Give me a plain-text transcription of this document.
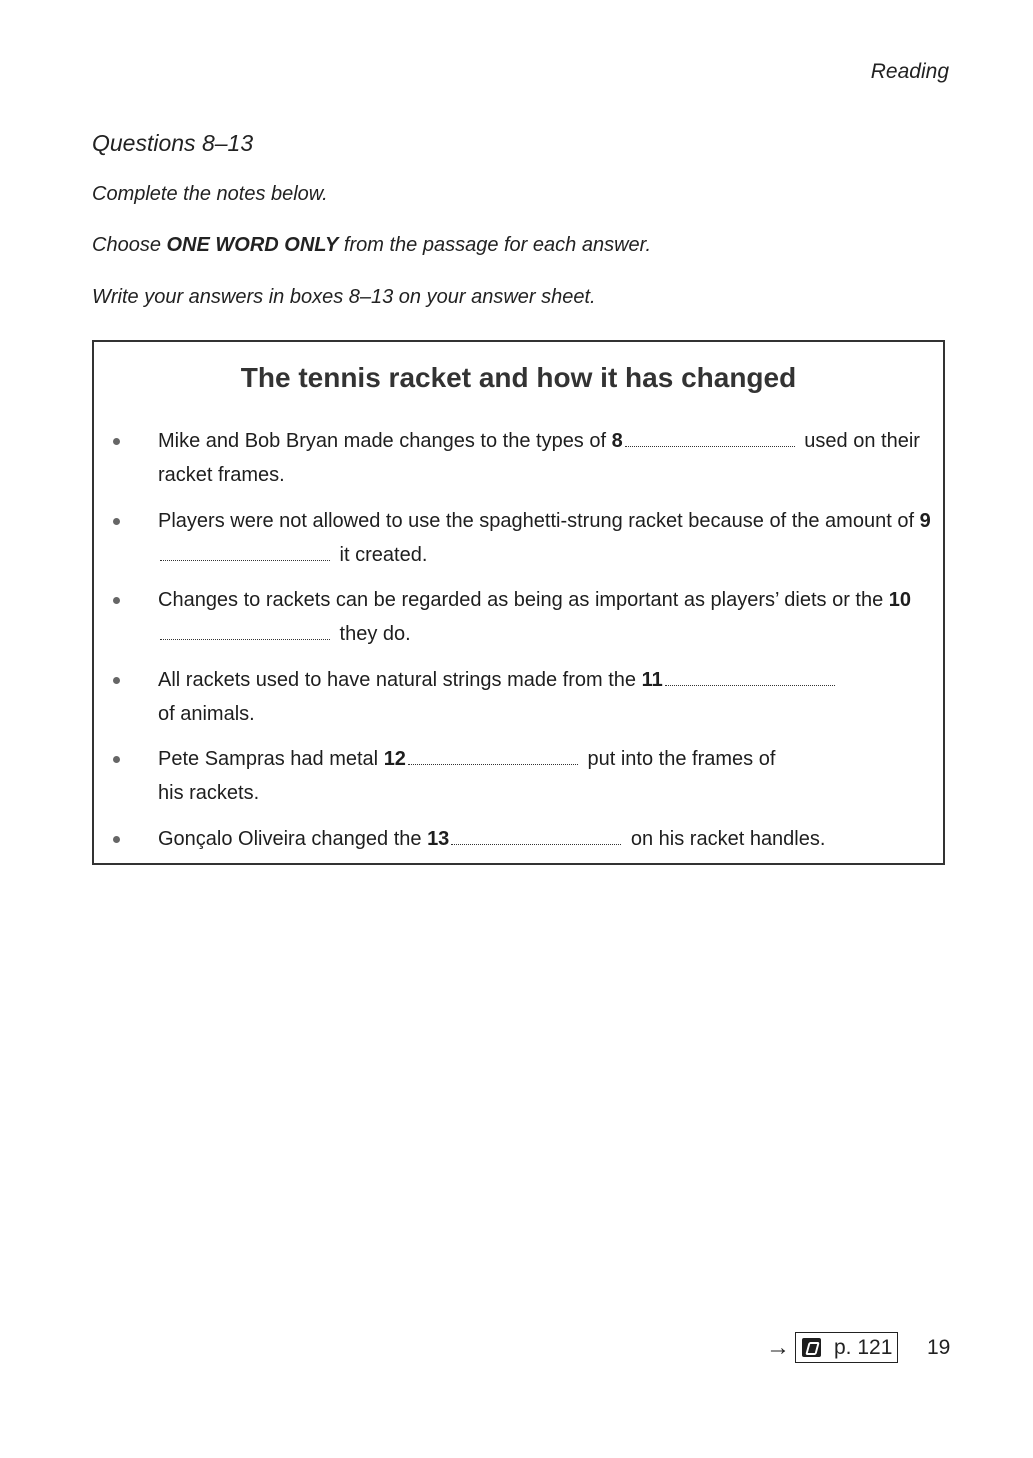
Reading
Questions 8–13
Complete the notes below.
Choose ONE WORD ONLY from the passage for each answer.
Write your answers in boxes 8–13 on your answer sheet.
The tennis racket and how it has changed
Mike and Bob Bryan made changes to the types of 8	used on their racket frames.
Players were not allowed to use the spaghetti-strung racket because of the amount of 9 it created.
Changes to rackets can be regarded as being as important as players’ diets or the 10 they do.
All rackets used to have natural strings made from the 11
of animals.
Pete Sampras had metal 12	put into the frames of
his rackets.
Gonçalo Oliveira changed the 13	on his racket handles.
→ p. 121 19
